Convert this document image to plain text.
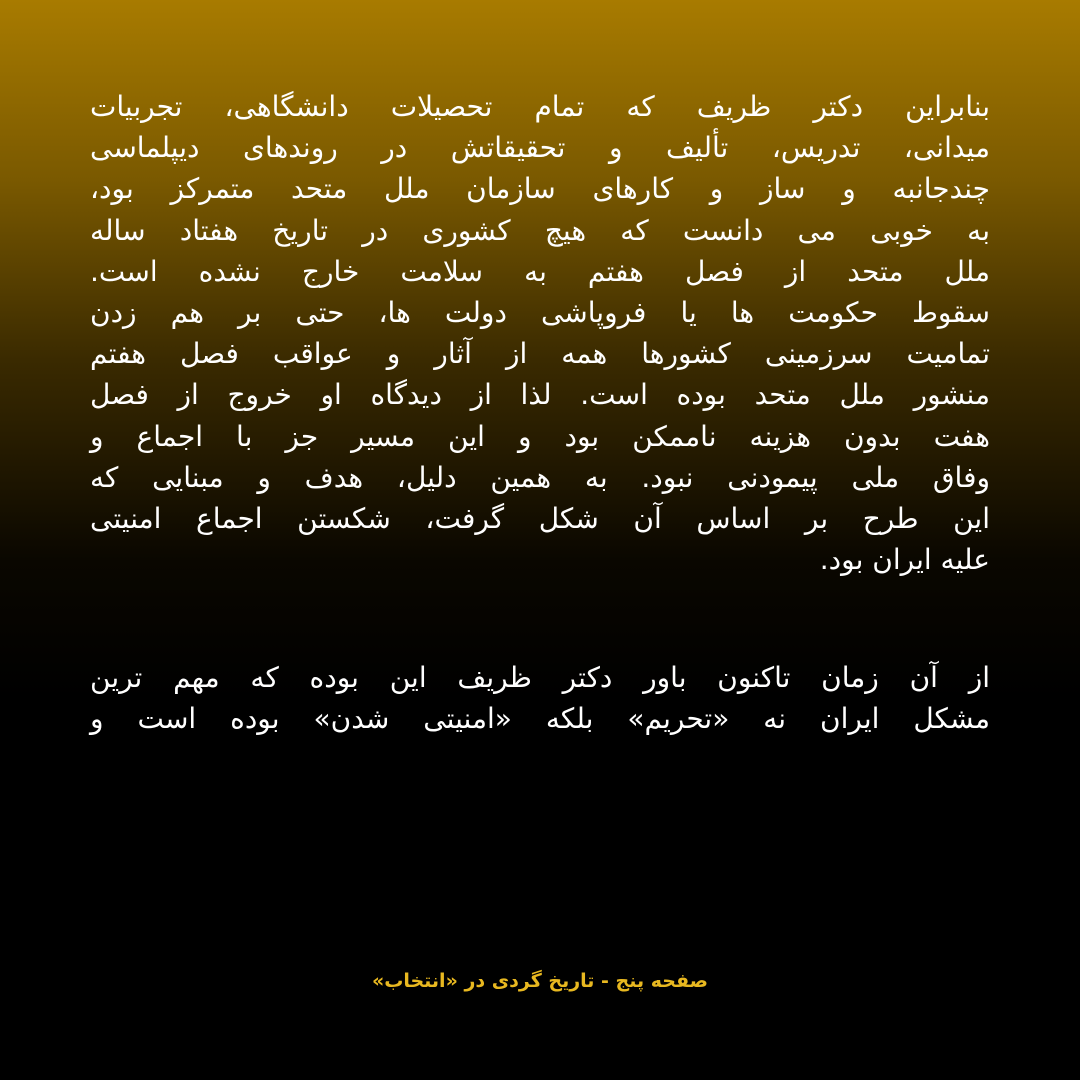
بنابراین دکتر ظریف که تمام تحصیلات دانشگاهی، تجربیات
میدانی، تدریس، تألیف و تحقیقاتش در روندهای دیپلماسی
چندجانبه و ساز و کارهای سازمان ملل متحد متمرکز بود،
به خوبی می دانست که هیچ کشوری در تاریخ هفتاد ساله
ملل متحد از فصل هفتم به سلامت خارج نشده است.
سقوط حکومت ها یا فروپاشی دولت ها، حتی بر هم زدن
تمامیت سرزمینی کشورها همه از آثار و عواقب فصل هفتم
منشور ملل متحد بوده است. لذا از دیدگاه او خروج از فصل
هفت بدون هزینه ناممکن بود و این مسیر جز با اجماع و
وفاق ملی پیمودنی نبود. به همین دلیل، هدف و مبنایی که
این طرح بر اساس آن شکل گرفت، شکستن اجماع امنیتی
علیه ایران بود.
از آن زمان تاکنون باور دکتر ظریف این بوده که مهم ترین
مشکل ایران نه «تحریم» بلکه «امنیتی شدن» بوده است و
صفحه پنج - تاریخ گردی در «انتخاب»
